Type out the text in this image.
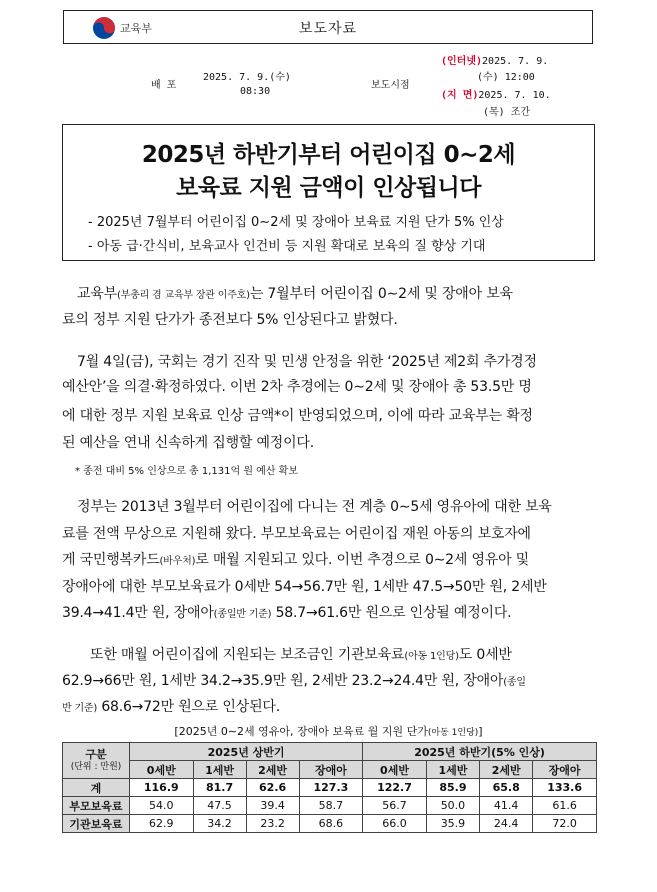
교육부	보도자료
배 포
2025. 7. 9.(수)
08:30
보도시점
(인터넷)2025. 7. 9.
(수) 12:00
(지 면)2025. 7. 10.
(목) 조간
2025년 하반기부터 어린이집 0∼2세
보육료 지원 금액이 인상됩니다
- 2025년 7월부터 어린이집 0∼2세 및 장애아 보육료 지원 단가 5% 인상
- 아동 급·간식비, 보육교사 인건비 등 지원 확대로 보육의 질 향상 기대
교육부(부총리 겸 교육부 장관 이주호)는 7월부터 어린이집 0∼2세 및 장애아 보육
료의 정부 지원 단가가 종전보다 5% 인상된다고 밝혔다.
7월 4일(금), 국회는 경기 진작 및 민생 안정을 위한 ‘2025년 제2회 추가경정
예산안’을 의결·확정하였다. 이번 2차 추경에는 0∼2세 및 장애아 총 53.5만 명
에 대한 정부 지원 보육료 인상 금액*이 반영되었으며, 이에 따라 교육부는 확정
된 예산을 연내 신속하게 집행할 예정이다.
* 종전 대비 5% 인상으로 총 1,131억 원 예산 확보
정부는 2013년 3월부터 어린이집에 다니는 전 계층 0∼5세 영유아에 대한 보육
료를 전액 무상으로 지원해 왔다. 부모보육료는 어린이집 재원 아동의 보호자에
게 국민행복카드(바우처)로 매월 지원되고 있다. 이번 추경으로 0∼2세 영유아 및
장애아에 대한 부모보육료가 0세반 54→56.7만 원, 1세반 47.5→50만 원, 2세반
39.4→41.4만 원, 장애아(종일반 기준) 58.7→61.6만 원으로 인상될 예정이다.
또한 매월 어린이집에 지원되는 보조금인 기관보육료(아동 1인당)도 0세반
62.9→66만 원, 1세반 34.2→35.9만 원, 2세반 23.2→24.4만 원, 장애아(종일
반 기준) 68.6→72만 원으로 인상된다.
[2025년 0∼2세 영유아, 장애아 보육료 월 지원 단가(아동 1인당)]
구분
(단위 : 만원)	2025년 상반기				2025년 하반기(5% 인상)			
	0세반	1세반	2세반	장애아	0세반	1세반	2세반	장애아
계	116.9	81.7	62.6	127.3	122.7	85.9	65.8	133.6
부모보육료	54.0	47.5	39.4	58.7	56.7	50.0	41.4	61.6
기관보육료	62.9	34.2	23.2	68.6	66.0	35.9	24.4	72.0
